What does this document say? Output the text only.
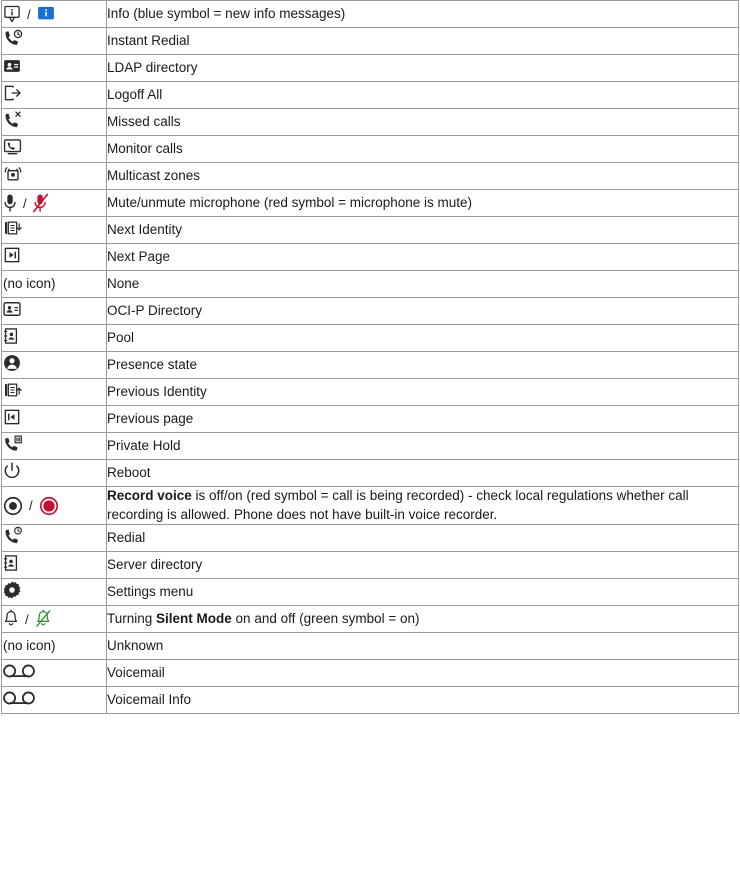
/	Info (blue symbol = new info messages)

	Instant Redial

	LDAP directory

	Logoff All

	Missed calls

	Monitor calls

	Multicast zones

/	Mute/unmute microphone (red symbol = microphone is mute)

	Next Identity

	Next Page
(no icon)	None

	OCI-P Directory

	Pool

	Presence state

	Previous Identity

	Previous page

	Private Hold

	Reboot

/	Record voice is off/on (red symbol = call is being recorded) - check local regulations whether call recording is allowed. Phone does not have built-in voice recorder.

	Redial

	Server directory

	Settings menu

/	Turning Silent Mode on and off (green symbol = on)
(no icon)	Unknown

	Voicemail

	Voicemail Info
